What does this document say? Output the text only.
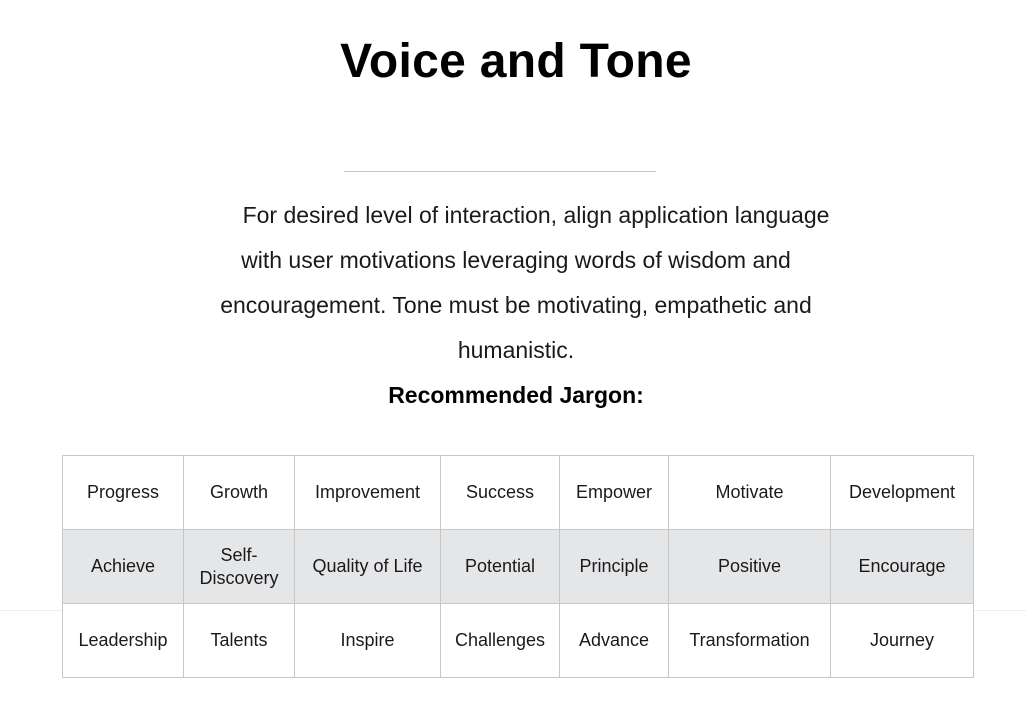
Voice and Tone

For desired level of interaction, align application language with user motivations leveraging words of wisdom and encouragement. Tone must be motivating, empathetic and humanistic.

Recommended Jargon:

Progress	Growth	Improvement	Success	Empower	Motivate	Development
Achieve	Self-Discovery	Quality of Life	Potential	Principle	Positive	Encourage
Leadership	Talents	Inspire	Challenges	Advance	Transformation	Journey
